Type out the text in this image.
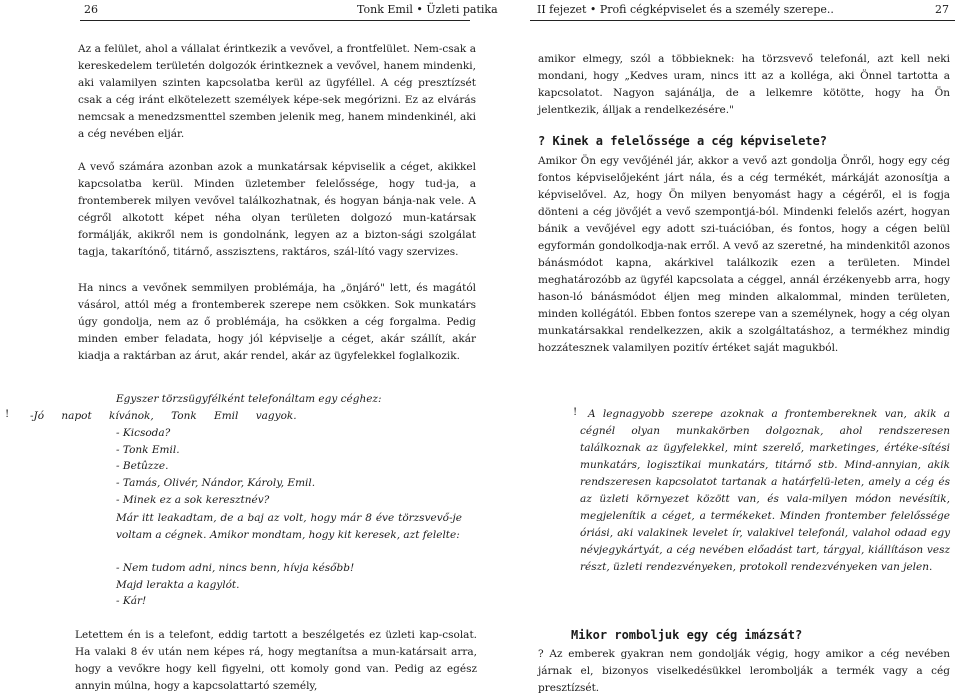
26	Tonk Emil • Üzleti patika

Az a felület, ahol a vállalat érintkezik a vevővel, a frontfelület. Nem-csak a kereskedelem területén dolgozók érintkeznek a vevővel, hanem mindenki, aki valamilyen szinten kapcsolatba kerül az ügyféllel. A cég presztízsét csak a cég iránt elkötelezett személyek képe-sek megórizni. Ez az elvárás nemcsak a menedzsmenttel szemben jelenik meg, hanem mindenkinél, aki a cég nevében eljár.

A vevő számára azonban azok a munkatársak képviselik a céget, akikkel kapcsolatba kerül. Minden üzletember felelőssége, hogy tud-ja, a frontemberek milyen vevővel találkozhatnak, és hogyan bánja-nak vele. A cégről alkotott képet néha olyan területen dolgozó mun-katársak formálják, akikről nem is gondolnánk, legyen az a bizton-sági szolgálat tagja, takarítónő, titárnő, asszisztens, raktáros, szál-lító vagy szervizes.

Ha nincs a vevőnek semmilyen problémája, ha „önjáró" lett, és magától vásárol, attól még a frontemberek szerepe nem csökken. Sok munkatárs úgy gondolja, nem az ő problémája, ha csökken a cég forgalma. Pedig minden ember feladata, hogy jól képviselje a céget, akár szállít, akár kiadja a raktárban az árut, akár rendel, akár az ügyfelekkel foglalkozik.

!

Egyszer törzsügyfélként telefonáltam egy céghez:

-Jó napot kívánok, Tonk Emil vagyok.

- Kicsoda?

- Tonk Emil.

- Betûzze.

- Tamás, Olivér, Nándor, Károly, Emil.

- Minek ez a sok keresztnév?

Már itt leakadtam, de a baj az volt, hogy már 8 éve törzsvevő-je voltam a cégnek. Amikor mondtam, hogy kit keresek, azt felelte:

- Nem tudom adni, nincs benn, hívja később!

Majd lerakta a kagylót.

- Kár!

Letettem én is a telefont, eddig tartott a beszélgetés ez üzleti kap-csolat. Ha valaki 8 év után nem képes rá, hogy megtanítsa a mun-katársait arra, hogy a vevőkre hogy kell figyelni, ott komoly gond van. Pedig az egész annyin múlna, hogy a kapcsolattartó személy,

II fejezet • Profi cégképviselet és a személy szerepe..	27

amikor elmegy, szól a többieknek: ha törzsvevő telefonál, azt kell neki mondani, hogy „Kedves uram, nincs itt az a kolléga, aki Önnel tartotta a kapcsolatot. Nagyon sajánálja, de a lelkemre kötötte, hogy ha Ön jelentkezik, álljak a rendelkezésére."

? Kinek a felelőssége a cég képviselete?

Amikor Ön egy vevőjénél jár, akkor a vevő azt gondolja Önről, hogy egy cég fontos képviselőjeként járt nála, és a cég termékét, márkáját azonosítja a képviselővel. Az, hogy Ön milyen benyomást hagy a cégéről, el is fogja dönteni a cég jövőjét a vevő szempontjá-ból. Mindenki felelős azért, hogyan bánik a vevőjével egy adott szi-tuációban, és fontos, hogy a cégen belül egyformán gondolkodja-nak erről. A vevő az szeretné, ha mindenkitől azonos bánásmódot kapna, akárkivel találkozik ezen a területen. Mindel meghatározóbb az ügyfél kapcsolata a céggel, annál érzékenyebb arra, hogy hason-ló bánásmódot éljen meg minden alkalommal, minden területen, minden kollégától. Ebben fontos szerepe van a személynek, hogy a cég olyan munkatársakkal rendelkezzen, akik a szolgáltatáshoz, a termékhez mindig hozzátesznek valamilyen pozitív értéket saját magukból.

!	A legnagyobb szerepe azoknak a frontembereknek van, akik a cégnél olyan munkakörben dolgoznak, ahol rendszeresen találkoznak az ügyfelekkel, mint szerelő, marketinges, értéke-sítési munkatárs, logisztikai munkatárs, titárnő stb. Mind-annyian, akik rendszeresen kapcsolatot tartanak a határfelü-leten, amely a cég és az üzleti környezet között van, és vala-milyen módon nevésítik, megjelenítik a céget, a termékeket. Minden frontember felelőssége óriási, aki valakinek levelet ír, valakivel telefonál, valahol odaad egy névjegykártyát, a cég nevében előadást tart, tárgyal, kiállításon vesz részt, üzleti rendezvényeken, protokoll rendezvényeken van jelen.

Mikor romboljuk egy cég imázsát?

? Az emberek gyakran nem gondolják végig, hogy amikor a cég nevében járnak el, bizonyos viselkedésükkel lerombolják a termék vagy a cég presztízsét.
